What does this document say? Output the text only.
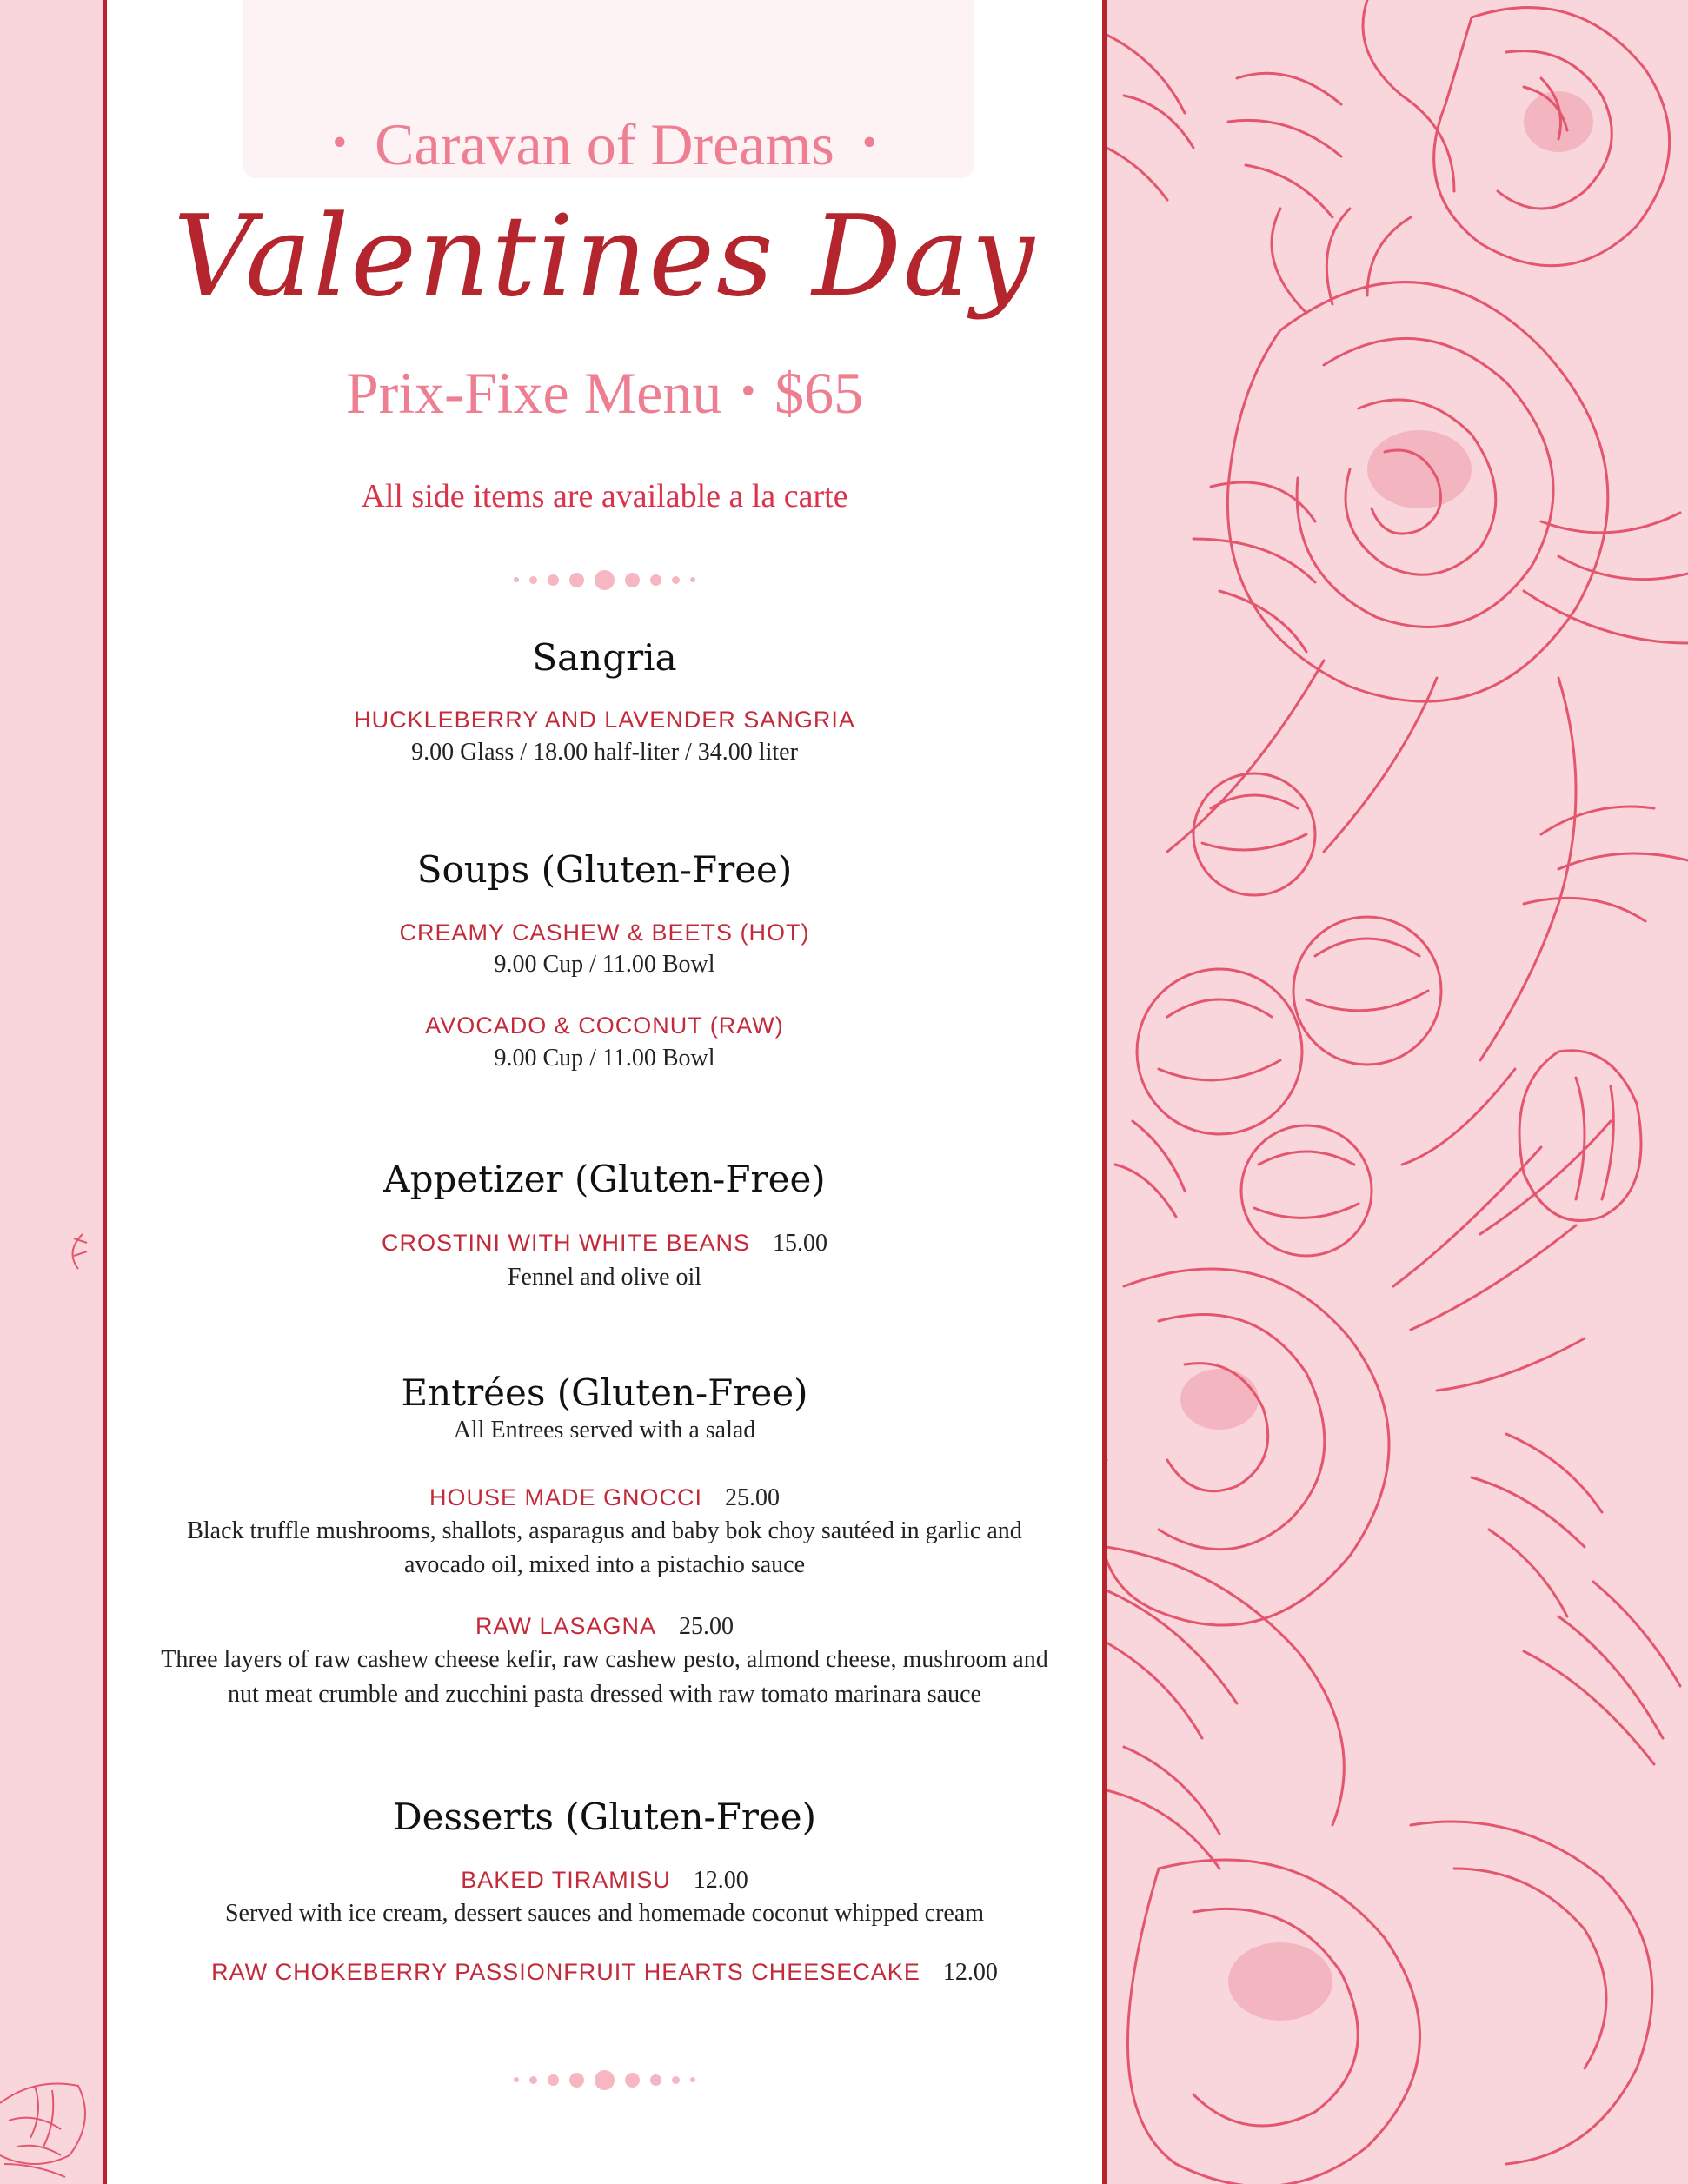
• Caravan of Dreams •
Valentines Day
Prix-Fixe Menu • $65
All side items are available a la carte
Sangria
HUCKLEBERRY AND LAVENDER SANGRIA
9.00 Glass / 18.00 half-liter / 34.00 liter
Soups (Gluten-Free)
CREAMY CASHEW & BEETS (HOT)
9.00 Cup / 11.00 Bowl
AVOCADO & COCONUT (RAW)
9.00 Cup / 11.00 Bowl
Appetizer (Gluten-Free)
CROSTINI WITH WHITE BEANS 15.00
Fennel and olive oil
Entrées (Gluten-Free)
All Entrees served with a salad
HOUSE MADE GNOCCI 25.00
Black truffle mushrooms, shallots, asparagus and baby bok choy sautéed in garlic and
avocado oil, mixed into a pistachio sauce
RAW LASAGNA 25.00
Three layers of raw cashew cheese kefir, raw cashew pesto, almond cheese, mushroom and
nut meat crumble and zucchini pasta dressed with raw tomato marinara sauce
Desserts (Gluten-Free)
BAKED TIRAMISU 12.00
Served with ice cream, dessert sauces and homemade coconut whipped cream
RAW CHOKEBERRY PASSIONFRUIT HEARTS CHEESECAKE 12.00
